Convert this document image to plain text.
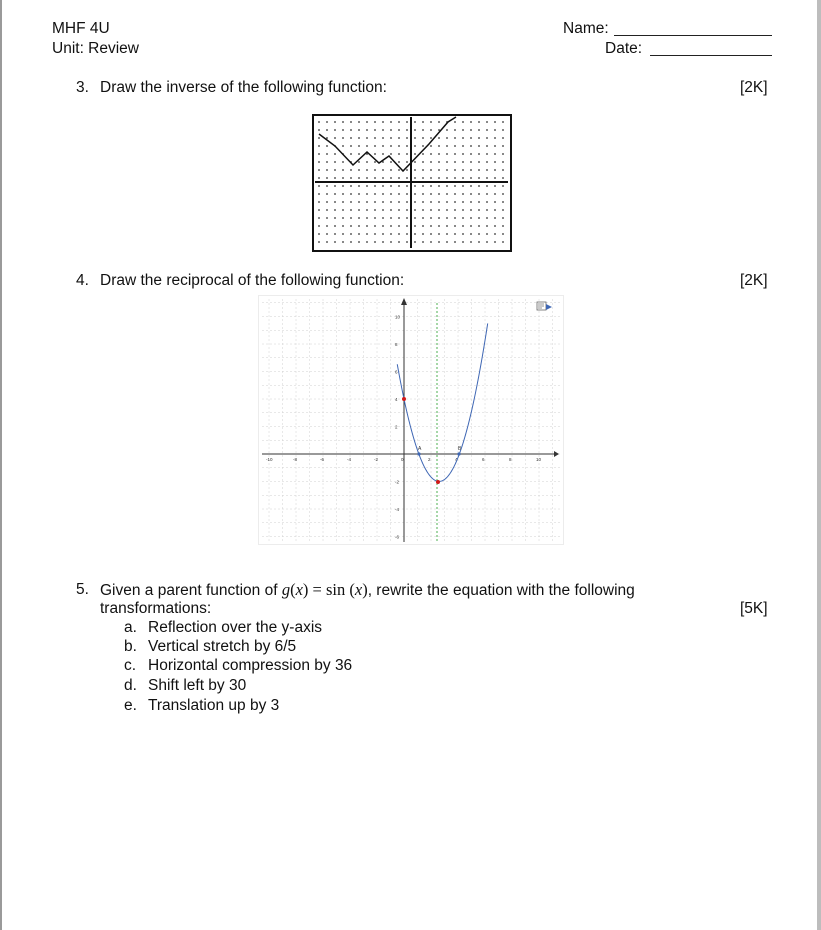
MHF 4U
Unit: Review
Name:
Date:
3. Draw the inverse of the following function:	[2K]
4. Draw the reciprocal of the following function:	[2K]
-10	-8	-6	-4	-2	0	2	4	6	8	10
10
8
6
4
2
-2
-4
-6
A	B
5. Given a parent function of g(x) = sin (x), rewrite the equation with the following
transformations:	[5K]
a. Reflection over the y-axis
b. Vertical stretch by 6/5
c. Horizontal compression by 36
d. Shift left by 30
e. Translation up by 3
